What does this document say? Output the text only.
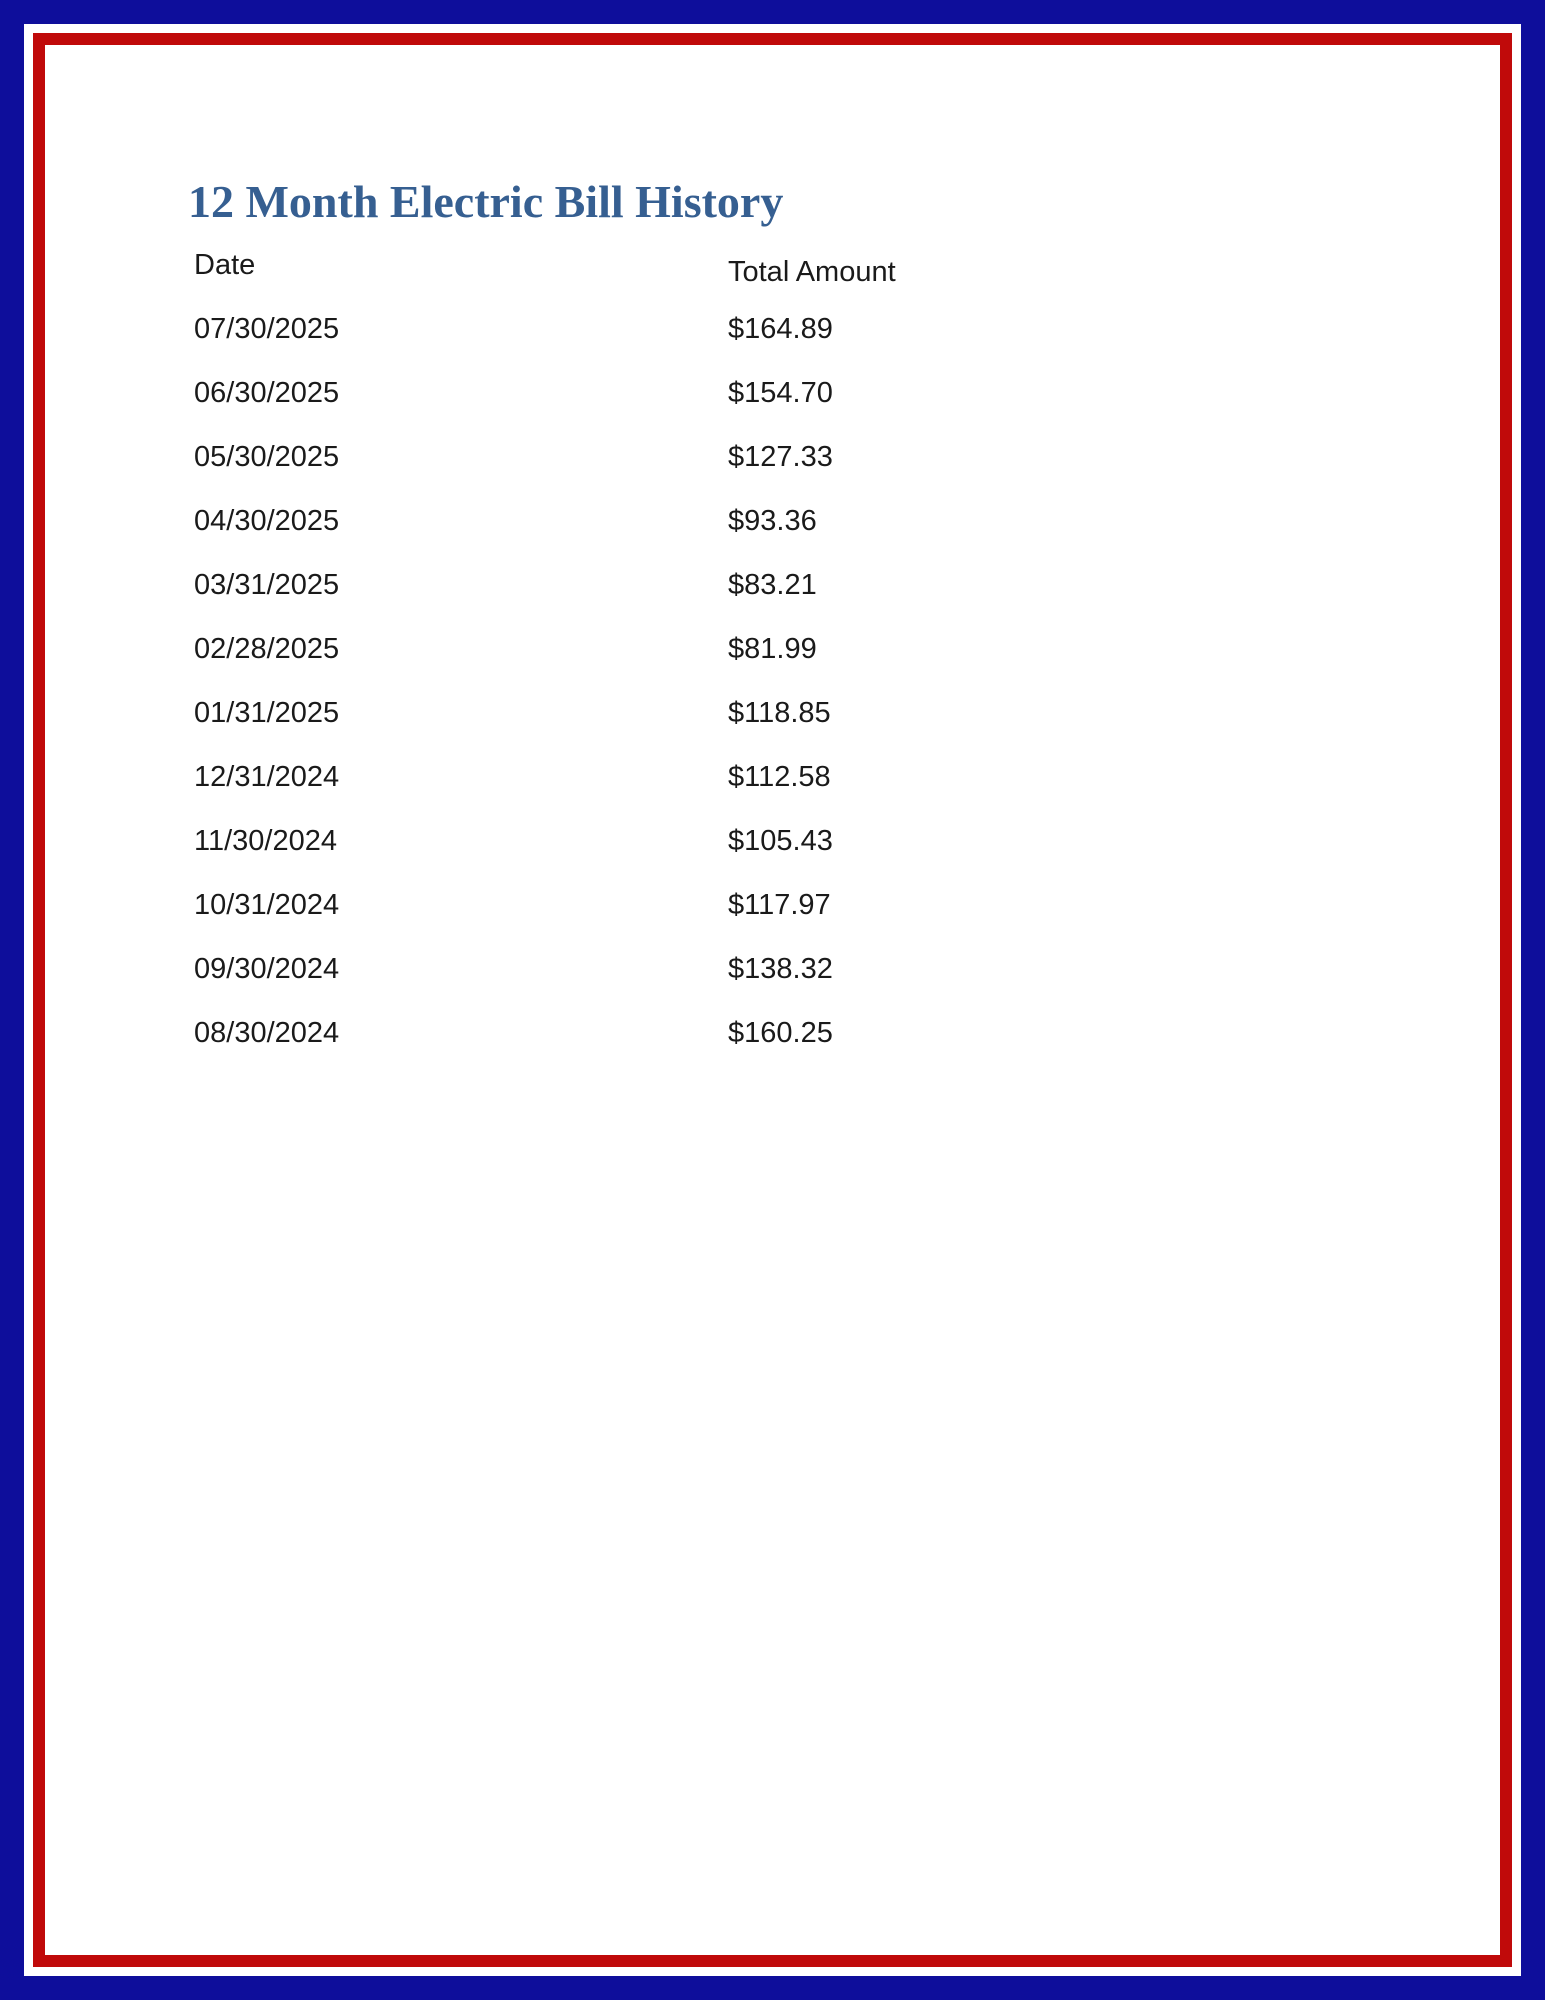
12 Month Electric Bill History
Date	Total Amount
07/30/2025	$164.89
06/30/2025	$154.70
05/30/2025	$127.33
04/30/2025	$93.36
03/31/2025	$83.21
02/28/2025	$81.99
01/31/2025	$118.85
12/31/2024	$112.58
11/30/2024	$105.43
10/31/2024	$117.97
09/30/2024	$138.32
08/30/2024	$160.25
